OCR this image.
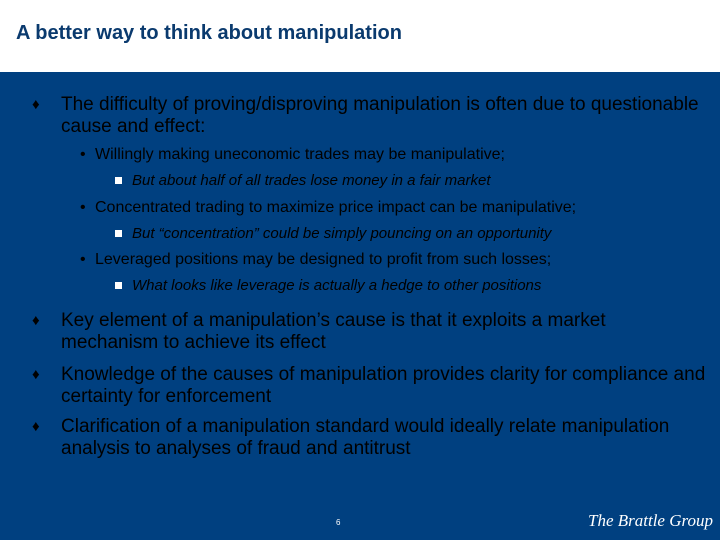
A better way to think about manipulation
♦	The difficulty of proving/disproving manipulation is often due to questionable cause and effect:
• Willingly making uneconomic trades may be manipulative;
But about half of all trades lose money in a fair market
• Concentrated trading to maximize price impact can be manipulative;
But “concentration” could be simply pouncing on an opportunity
• Leveraged positions may be designed to profit from such losses;
What looks like leverage is actually a hedge to other positions
♦	Key element of a manipulation’s cause is that it exploits a market mechanism to achieve its effect
♦	Knowledge of the causes of manipulation provides clarity for compliance and certainty for enforcement
♦	Clarification of a manipulation standard would ideally relate manipulation analysis to analyses of fraud and antitrust
6	The Brattle Group
